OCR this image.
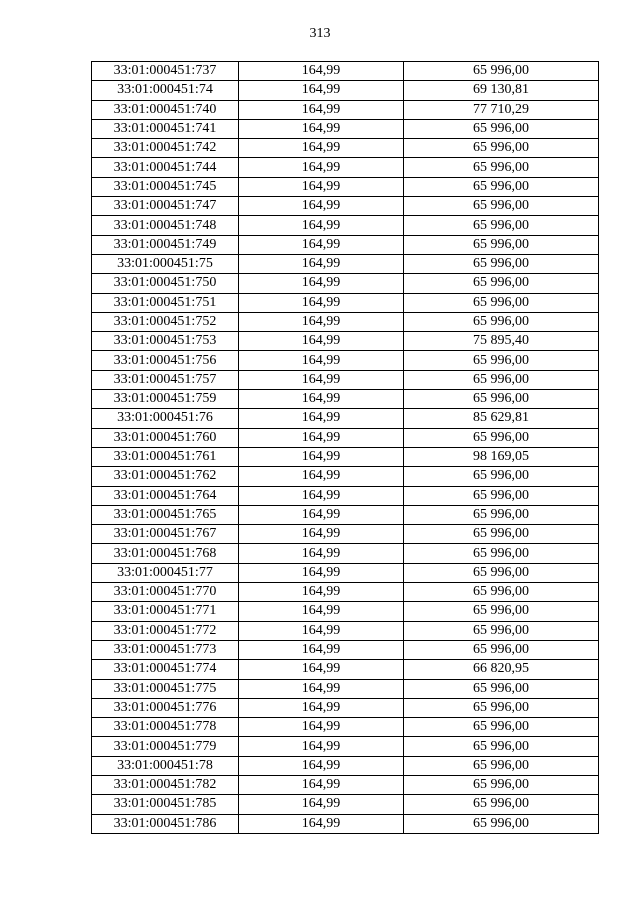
313
33:01:000451:737	164,99	65 996,00
33:01:000451:74	164,99	69 130,81
33:01:000451:740	164,99	77 710,29
33:01:000451:741	164,99	65 996,00
33:01:000451:742	164,99	65 996,00
33:01:000451:744	164,99	65 996,00
33:01:000451:745	164,99	65 996,00
33:01:000451:747	164,99	65 996,00
33:01:000451:748	164,99	65 996,00
33:01:000451:749	164,99	65 996,00
33:01:000451:75	164,99	65 996,00
33:01:000451:750	164,99	65 996,00
33:01:000451:751	164,99	65 996,00
33:01:000451:752	164,99	65 996,00
33:01:000451:753	164,99	75 895,40
33:01:000451:756	164,99	65 996,00
33:01:000451:757	164,99	65 996,00
33:01:000451:759	164,99	65 996,00
33:01:000451:76	164,99	85 629,81
33:01:000451:760	164,99	65 996,00
33:01:000451:761	164,99	98 169,05
33:01:000451:762	164,99	65 996,00
33:01:000451:764	164,99	65 996,00
33:01:000451:765	164,99	65 996,00
33:01:000451:767	164,99	65 996,00
33:01:000451:768	164,99	65 996,00
33:01:000451:77	164,99	65 996,00
33:01:000451:770	164,99	65 996,00
33:01:000451:771	164,99	65 996,00
33:01:000451:772	164,99	65 996,00
33:01:000451:773	164,99	65 996,00
33:01:000451:774	164,99	66 820,95
33:01:000451:775	164,99	65 996,00
33:01:000451:776	164,99	65 996,00
33:01:000451:778	164,99	65 996,00
33:01:000451:779	164,99	65 996,00
33:01:000451:78	164,99	65 996,00
33:01:000451:782	164,99	65 996,00
33:01:000451:785	164,99	65 996,00
33:01:000451:786	164,99	65 996,00
